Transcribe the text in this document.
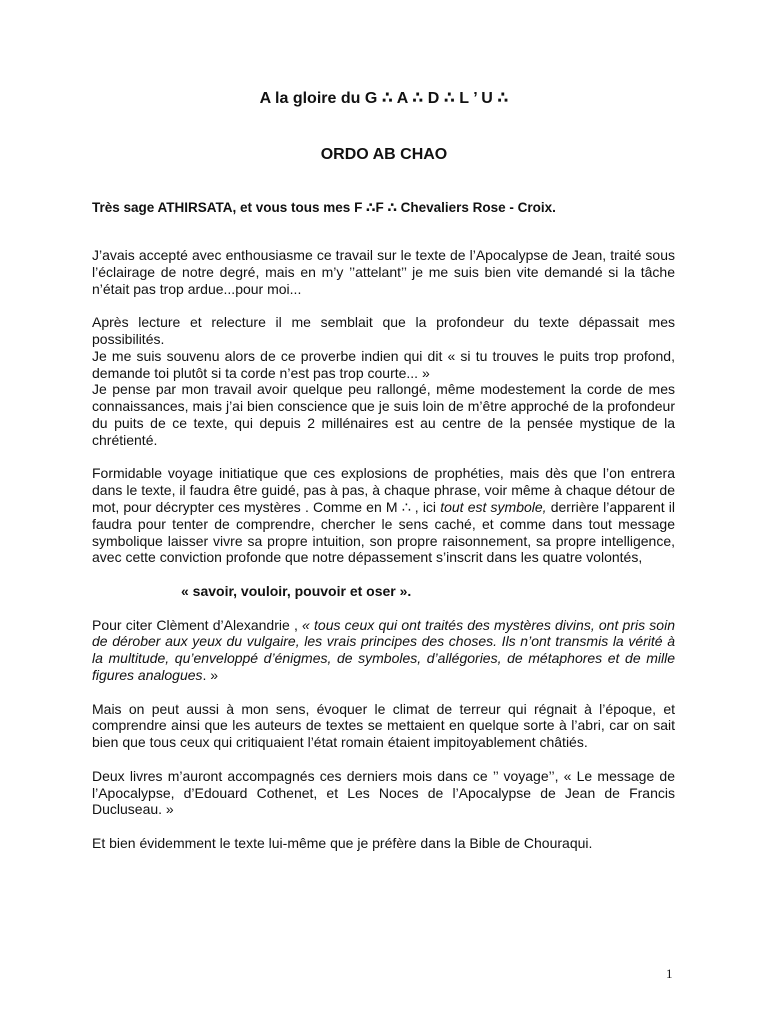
A la gloire du G ∴ A ∴ D ∴ L ’ U ∴
ORDO AB CHAO
Très sage ATHIRSATA, et vous tous mes F ∴F ∴ Chevaliers Rose - Croix.

J’avais accepté avec enthousiasme ce travail sur le texte de l’Apocalypse de Jean, traité sous l’éclairage de notre degré, mais en m’y ’’attelant’’ je me suis bien vite demandé si la tâche n’était pas trop ardue...pour moi...

Après lecture et relecture il me semblait que la profondeur du texte dépassait mes possibilités.

Je me suis souvenu alors de ce proverbe indien qui dit « si tu trouves le puits trop profond, demande toi plutôt si ta corde n’est pas trop courte... »

Je pense par mon travail avoir quelque peu rallongé, même modestement la corde de mes connaissances, mais j’ai bien conscience que je suis loin de m’être approché de la profondeur du puits de ce texte, qui depuis 2 millénaires est au centre de la pensée mystique de la chrétienté.

Formidable voyage initiatique que ces explosions de prophéties, mais dès que l’on entrera dans le texte, il faudra être guidé, pas à pas, à chaque phrase, voir même à chaque détour de mot, pour décrypter ces mystères . Comme en M ∴ , ici tout est symbole, derrière l’apparent il faudra pour tenter de comprendre, chercher le sens caché, et comme dans tout message symbolique laisser vivre sa propre intuition, son propre raisonnement, sa propre intelligence, avec cette conviction profonde que notre dépassement s’inscrit dans les quatre volontés,

« savoir, vouloir, pouvoir et oser ».

Pour citer Clèment d’Alexandrie , « tous ceux qui ont traités des mystères divins, ont pris soin de dérober aux yeux du vulgaire, les vrais principes des choses. Ils n’ont transmis la vérité à la multitude, qu’enveloppé d’énigmes, de symboles, d’allégories, de métaphores et de mille figures analogues. »

Mais on peut aussi à mon sens, évoquer le climat de terreur qui régnait à l’époque, et comprendre ainsi que les auteurs de textes se mettaient en quelque sorte à l’abri, car on sait bien que tous ceux qui critiquaient l’état romain étaient impitoyablement châtiés.

Deux livres m’auront accompagnés ces derniers mois dans ce ’’ voyage’’, « Le message de l’Apocalypse, d’Edouard Cothenet, et Les Noces de l’Apocalypse de Jean de Francis Ducluseau. »

Et bien évidemment le texte lui-même que je préfère dans la Bible de Chouraqui.

1
